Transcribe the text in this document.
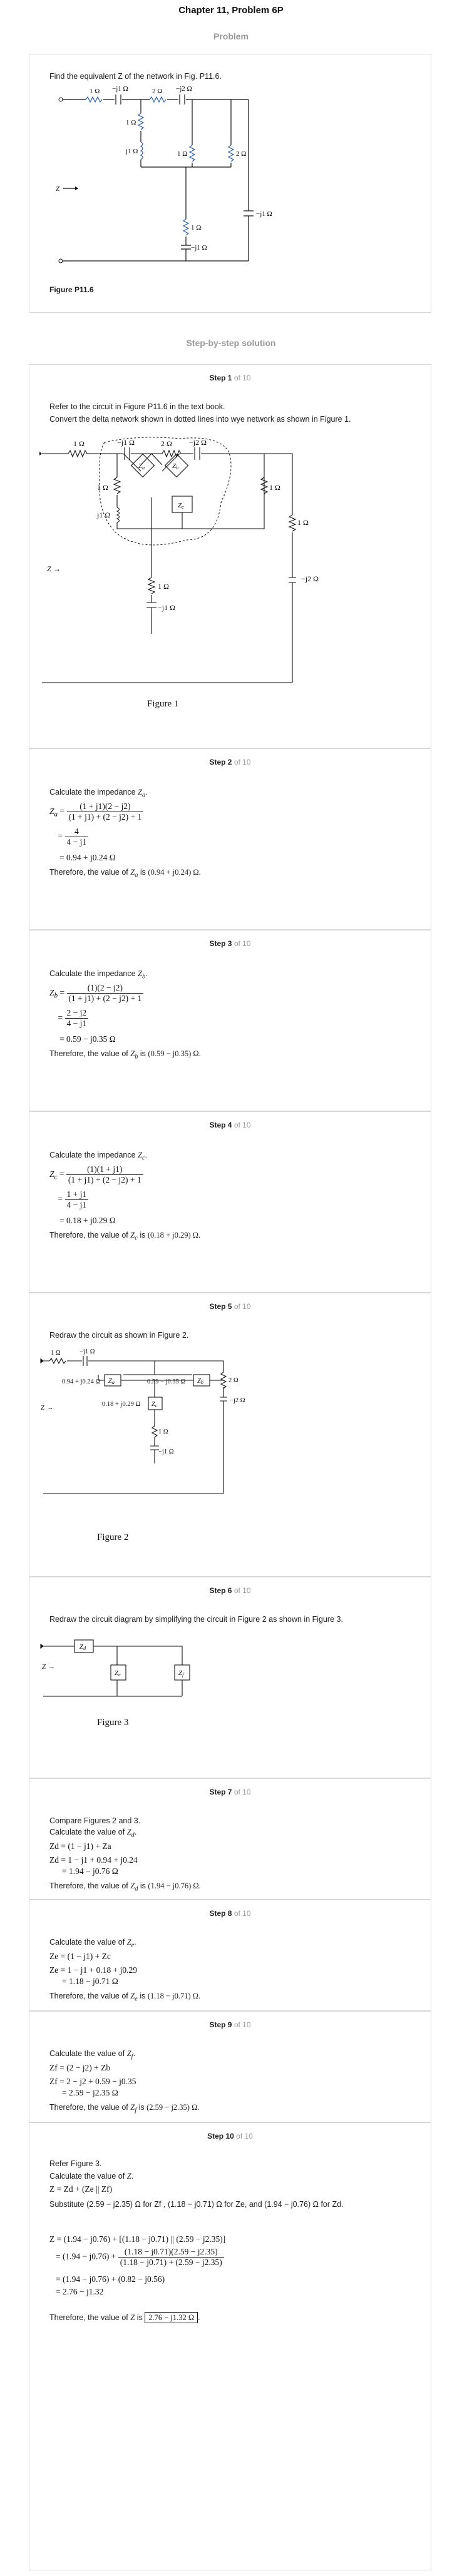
Chapter 11, Problem 6P
Problem
Find the equivalent Z of the network in Fig. P11.6.
1 Ω −j1 Ω	2 Ω −j2 Ω
1 Ω
j1 Ω	1 Ω	2 Ω
−j1 Ω
1 Ω
−j1 Ω
Z
Figure P11.6
Step-by-step solution
Step 1 of 10
Refer to the circuit in Figure P11.6 in the text book.
Convert the delta network shown in dotted lines into wye network as shown in Figure 1.
1 Ω	−j1 Ω	2 Ω −j2 Ω
1 Ω
j1 Ω
1 Ω
1 Ω
−j2 Ω
Za	Zb
Zc
1 Ω
−j1 Ω
Z →
Figure 1
Step 2 of 10
Calculate the impedance $Z_a$.
$Z_a = \frac{(1 + j1)(2 - j2)}{(1 + j1) + (2 - j2) + 1}$
= $\frac{4}{4 - j1}$
= 0.94 + j0.24 Ω
Therefore, the value of $Z_a$ is (0.94 + j0.24) Ω.
Step 3 of 10
Calculate the impedance $Z_b$.
$Z_b = \frac{(1)(2 - j2)}{(1 + j1) + (2 - j2) + 1}$
= $\frac{2 - j2}{4 - j1}$
= 0.59 − j0.35 Ω
Therefore, the value of $Z_b$ is (0.59 − j0.35) Ω.
Step 4 of 10
Calculate the impedance $Z_c$.
$Z_c = \frac{(1)(1 + j1)}{(1 + j1) + (2 - j2) + 1}$
= $\frac{1 + j1}{4 - j1}$
= 0.18 + j0.29 Ω
Therefore, the value of $Z_c$ is (0.18 + j0.29) Ω.
Step 5 of 10
Redraw the circuit as shown in Figure 2.
1 Ω	−j1 Ω
0.94 + j0.24 Ω	0.59 − j0.35 Ω
0.18 + j0.29 Ω
2 Ω
−j2 Ω
1 Ω
−j1 Ω
Z →
Za	Zb
Zc
Figure 2
Step 6 of 10
Redraw the circuit diagram by simplifying the circuit in Figure 2 as shown in Figure 3.
Zd
Ze	Zf
Z →
Figure 3
Step 7 of 10
Compare Figures 2 and 3.
Calculate the value of $Z_d$.
Zd = (1 − j1) + Za
Zd = 1 − j1 + 0.94 + j0.24
= 1.94 − j0.76 Ω
Therefore, the value of $Z_d$ is (1.94 − j0.76) Ω.
Step 8 of 10
Calculate the value of $Z_e$.
Ze = (1 − j1) + Zc
Ze = 1 − j1 + 0.18 + j0.29
= 1.18 − j0.71 Ω
Therefore, the value of $Z_e$ is (1.18 − j0.71) Ω.
Step 9 of 10
Calculate the value of $Z_f$.
Zf = (2 − j2) + Zb
Zf = 2 − j2 + 0.59 − j0.35
= 2.59 − j2.35 Ω
Therefore, the value of $Z_f$ is (2.59 − j2.35) Ω.
Step 10 of 10
Refer Figure 3.
Calculate the value of Z.
Z = Zd + (Ze || Zf)
Substitute (2.59 − j2.35) Ω for Zf , (1.18 − j0.71) Ω for Ze, and (1.94 − j0.76) Ω for Zd.
Z = (1.94 − j0.76) + [(1.18 − j0.71) || (2.59 − j2.35)]
= $(1.94 - j0.76) + \frac{(1.18 - j0.71)(2.59 - j2.35)}{(1.18 - j0.71) + (2.59 - j2.35)}$
= (1.94 − j0.76) + (0.82 − j0.56)
= 2.76 − j1.32
Therefore, the value of Z is 2.76 − j1.32 Ω .
